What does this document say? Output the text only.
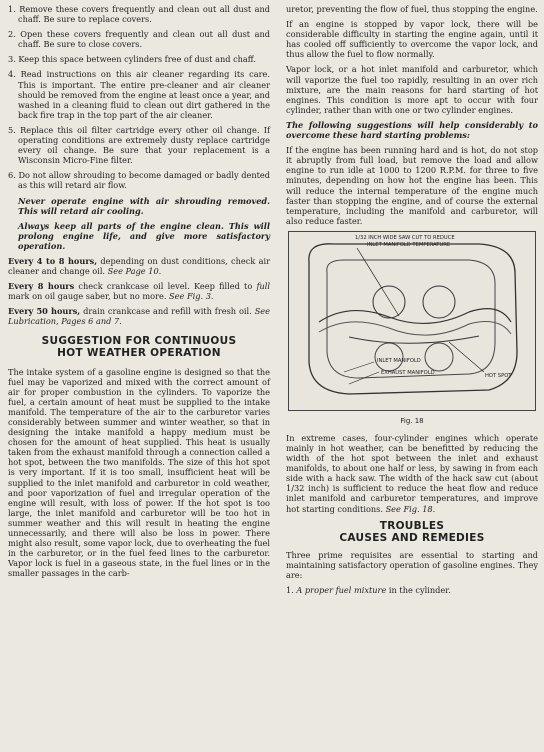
1. Remove these covers frequently and clean out all dust and chaff. Be sure to replace covers.

2. Open these covers frequently and clean out all dust and chaff. Be sure to close covers.

3. Keep this space between cylinders free of dust and chaff.

4. Read instructions on this air cleaner regarding its care. This is important. The entire pre-cleaner and air cleaner should be removed from the engine at least once a year, and washed in a cleaning fluid to clean out dirt gathered in the back fire trap in the top part of the air cleaner.

5. Replace this oil filter cartridge every other oil change. If operating conditions are extremely dusty replace cartridge every oil change. Be sure that your replacement is a Wisconsin Micro-Fine filter.

6. Do not allow shrouding to become damaged or badly dented as this will retard air flow.

Never operate engine with air shrouding removed. This will retard air cooling.

Always keep all parts of the engine clean. This will prolong engine life, and give more satisfactory operation.

Every 4 to 8 hours, depending on dust conditions, check air cleaner and change oil. See Page 10.

Every 8 hours check crankcase oil level. Keep filled to full mark on oil gauge saber, but no more. See Fig. 3.

Every 50 hours, drain crankcase and refill with fresh oil. See Lubrication, Pages 6 and 7.

SUGGESTION FOR CONTINUOUS
HOT WEATHER OPERATION

The intake system of a gasoline engine is designed so that the fuel may be vaporized and mixed with the correct amount of air for proper combustion in the cylinders. To vaporize the fuel, a certain amount of heat must be supplied to the intake manifold. The temperature of the air to the carburetor varies considerably between summer and winter weather, so that in designing the intake manifold a happy medium must be chosen for the amount of heat supplied. This heat is usually taken from the exhaust manifold through a connection called a hot spot, between the two manifolds. The size of this hot spot is very important. If it is too small, insufficient heat will be supplied to the inlet manifold and carburetor in cold weather, and poor vaporization of fuel and irregular operation of the engine will result, with loss of power. If the hot spot is too large, the inlet manifold and carburetor will be too hot in summer weather and this will result in heating the engine unnecessarily, and there will also be loss in power. There might also result, some vapor lock, due to overheating the fuel in the carburetor, or in the fuel feed lines to the carburetor. Vapor lock is fuel in a gaseous state, in the fuel lines or in the smaller passages in the carb-

uretor, preventing the flow of fuel, thus stopping the engine.

If an engine is stopped by vapor lock, there will be considerable difficulty in starting the engine again, until it has cooled off sufficiently to overcome the vapor lock, and thus allow the fuel to flow normally.

Vapor lock, or a hot inlet manifold and carburetor, which will vaporize the fuel too rapidly, resulting in an over rich mixture, are the main reasons for hard starting of hot engines. This condition is more apt to occur with four cylinder, rather than with one or two cylinder engines.

The following suggestions will help considerably to overcome these hard starting problems:

If the engine has been running hard and is hot, do not stop it abruptly from full load, but remove the load and allow engine to run idle at 1000 to 1200 R.P.M. for three to five minutes, depending on how hot the engine has been. This will reduce the internal temperature of the engine much faster than stopping the engine, and of course the external temperature, including the manifold and carburetor, will also reduce faster.

1/32 INCH WIDE SAW CUT TO REDUCE
INLET MANIFOLD TEMPERATURE
INLET MANIFOLD
EXHAUST MANIFOLD	HOT SPOT
Fig. 18

In extreme cases, four-cylinder engines which operate mainly in hot weather, can be benefitted by reducing the width of the hot spot between the inlet and exhaust manifolds, to about one half or less, by sawing in from each side with a hack saw. The width of the hack saw cut (about 1/32 inch) is sufficient to reduce the heat flow and reduce inlet manifold and carburetor temperatures, and improve hot starting conditions. See Fig. 18.

TROUBLES
CAUSES AND REMEDIES

Three prime requisites are essential to starting and maintaining satisfactory operation of gasoline engines. They are:

1. A proper fuel mixture in the cylinder.
